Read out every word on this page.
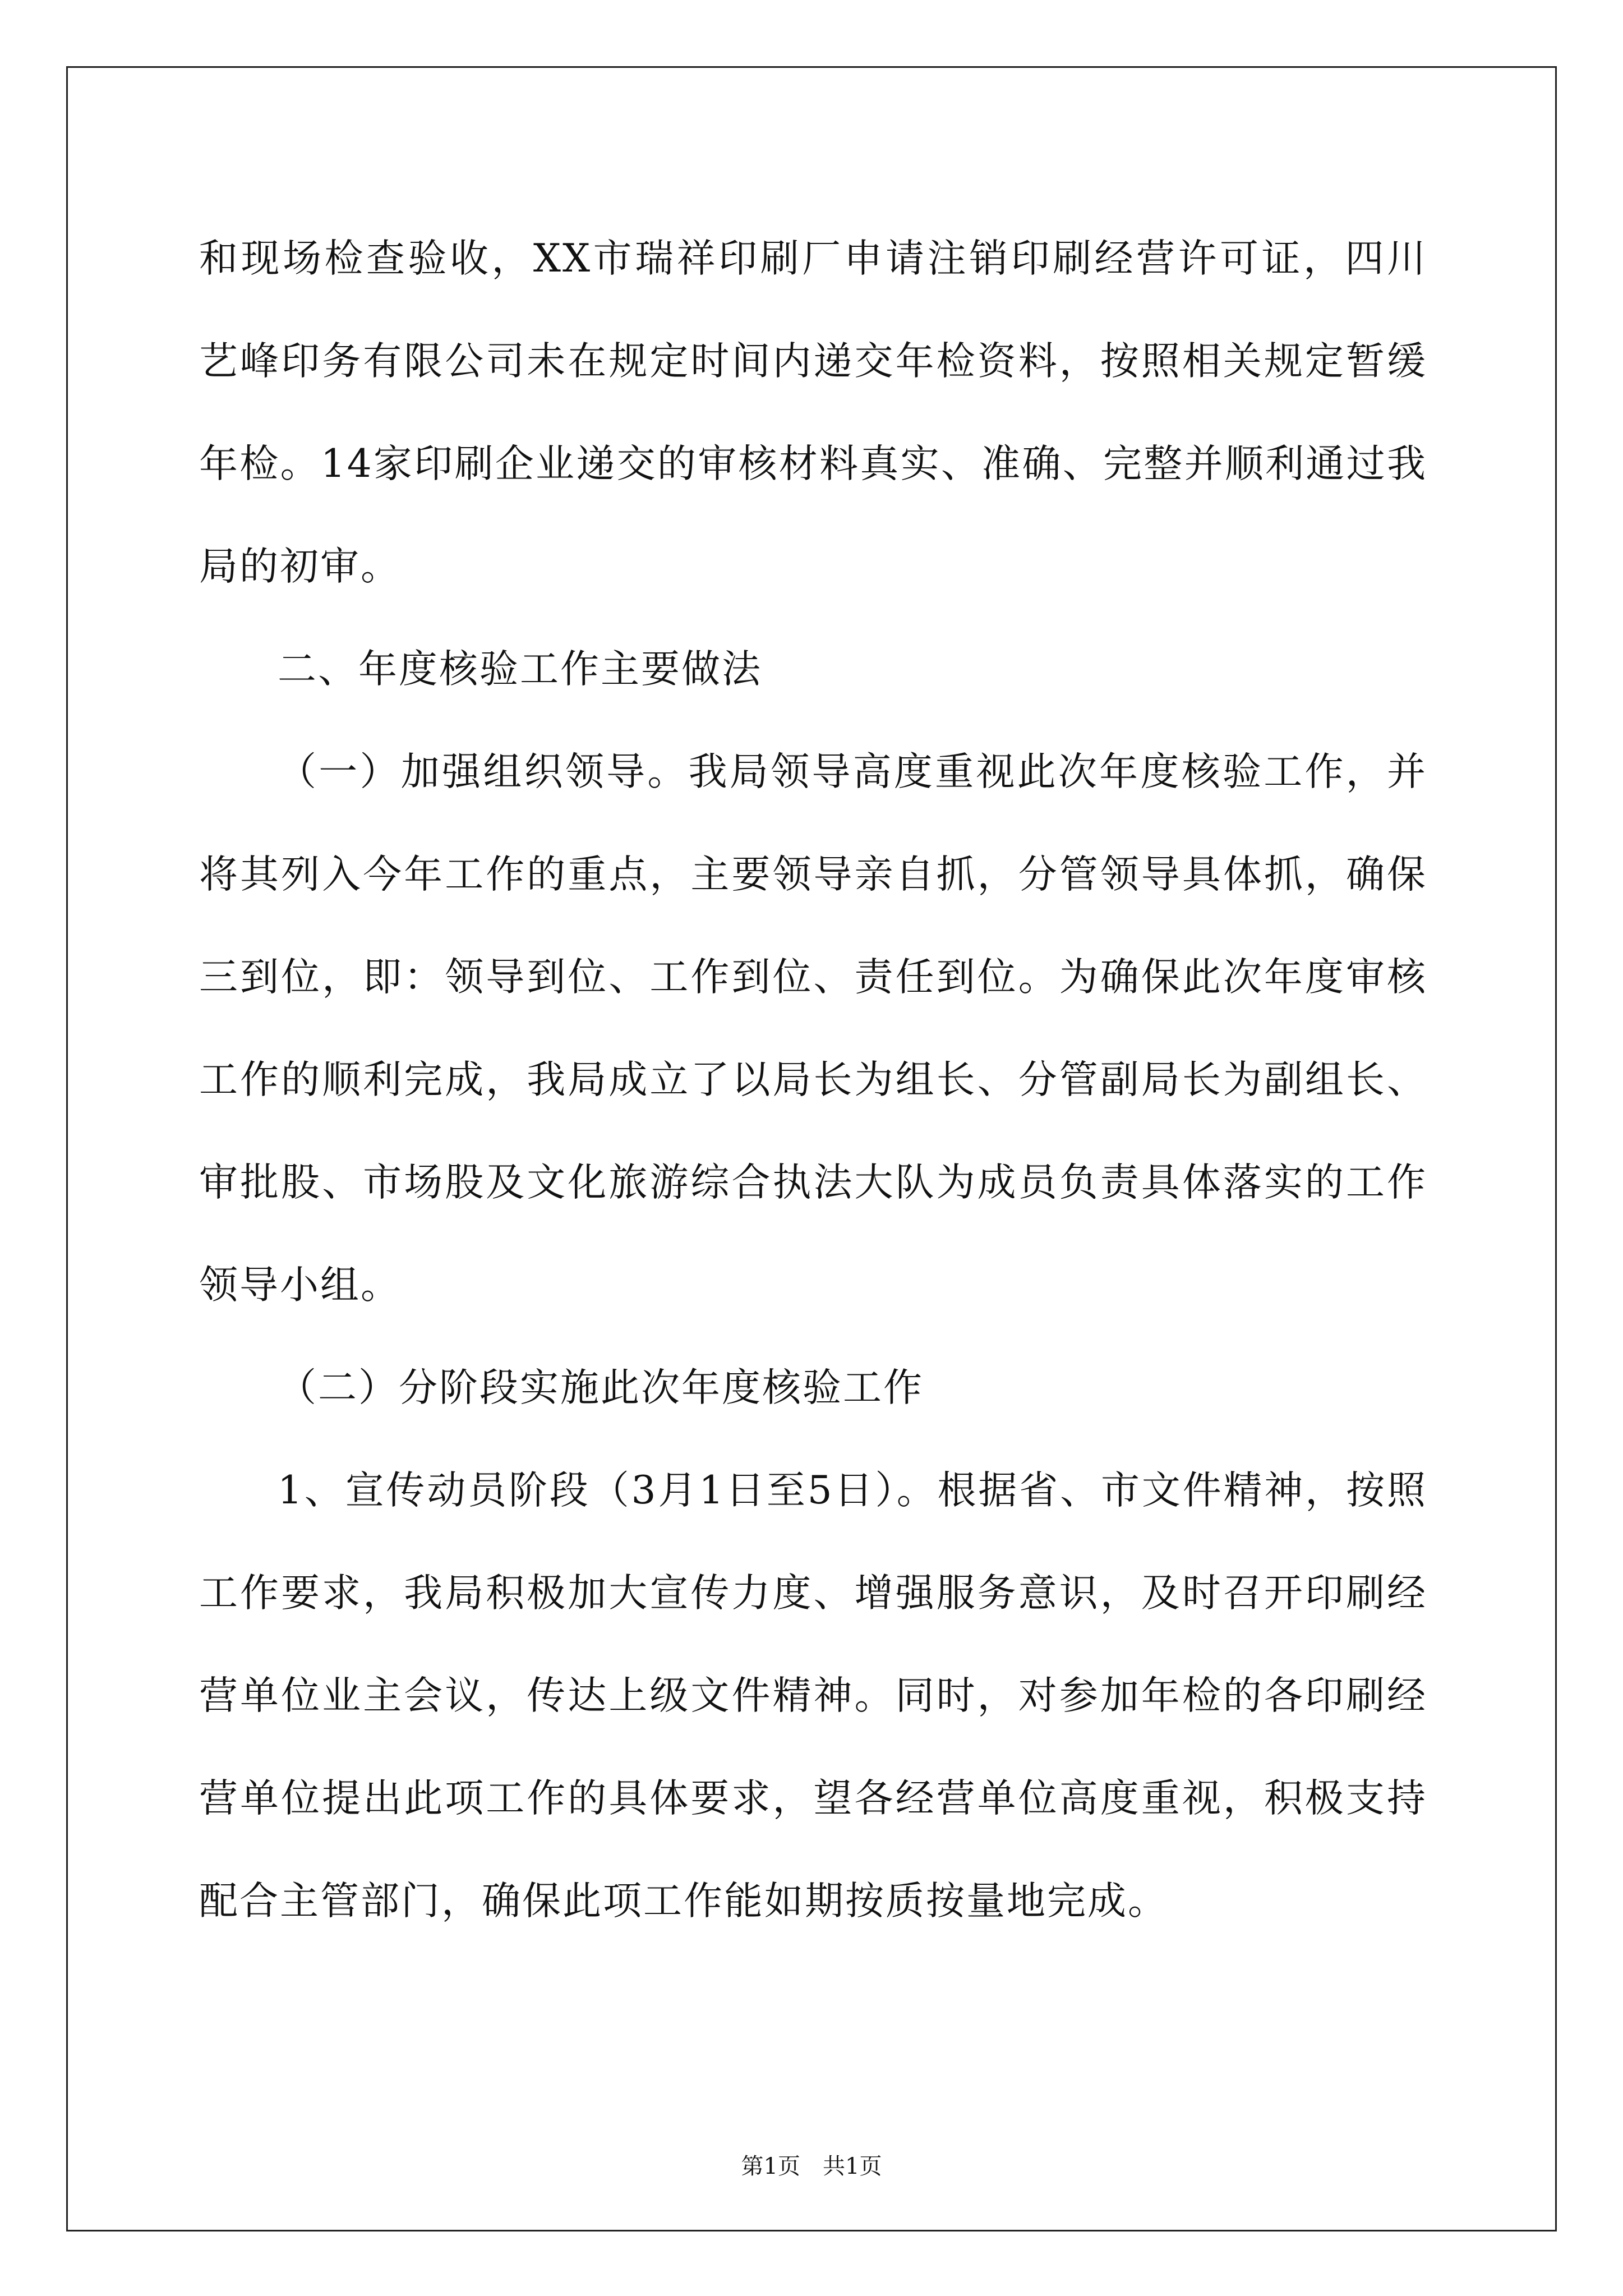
和现场检查验收，XX市瑞祥印刷厂申请注销印刷经营许可证，四川艺峰印务有限公司未在规定时间内递交年检资料，按照相关规定暂缓年检。14家印刷企业递交的审核材料真实、准确、完整并顺利通过我局的初审。

二、年度核验工作主要做法

（一）加强组织领导。我局领导高度重视此次年度核验工作，并将其列入今年工作的重点，主要领导亲自抓，分管领导具体抓，确保三到位，即：领导到位、工作到位、责任到位。为确保此次年度审核工作的顺利完成，我局成立了以局长为组长、分管副局长为副组长、审批股、市场股及文化旅游综合执法大队为成员负责具体落实的工作领导小组。

（二）分阶段实施此次年度核验工作

1、宣传动员阶段（3月1日至5日）。根据省、市文件精神，按照工作要求，我局积极加大宣传力度、增强服务意识，及时召开印刷经营单位业主会议，传达上级文件精神。同时，对参加年检的各印刷经营单位提出此项工作的具体要求，望各经营单位高度重视，积极支持配合主管部门，确保此项工作能如期按质按量地完成。

第1页 共1页
